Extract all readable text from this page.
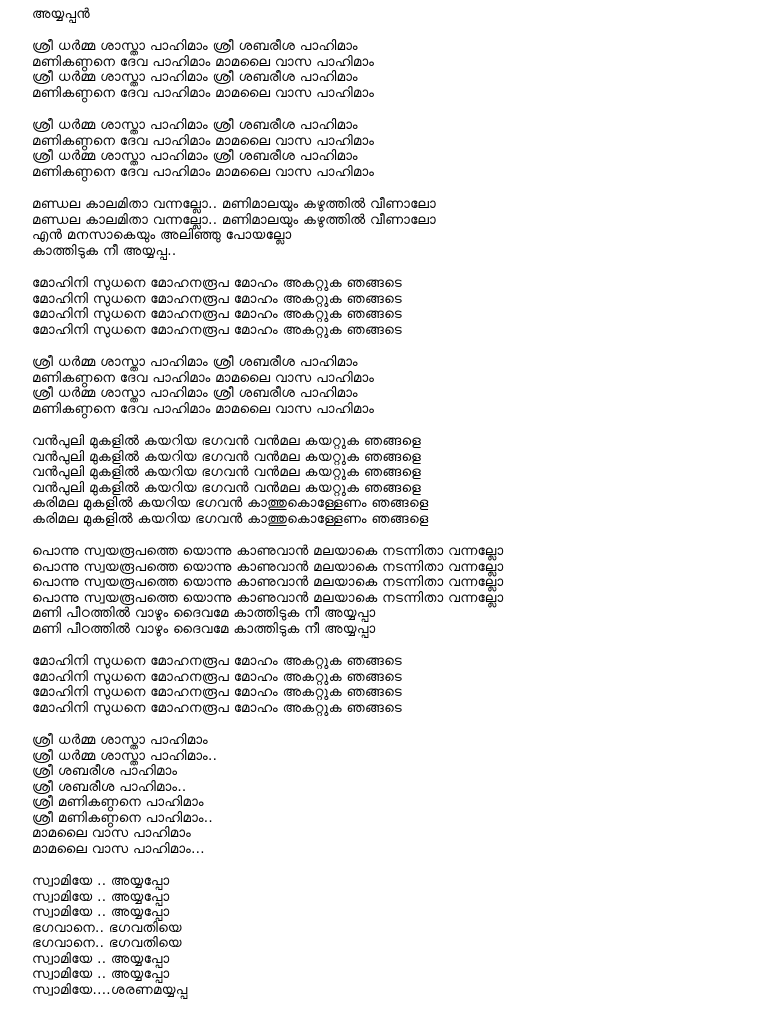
അയ്യപ്പൻ
ശ്രീ ധർമ്മ ശാസ്താ പാഹിമാം ശ്രീ ശബരീശ പാഹിമാം
മണികണ്ഠനെ ദേവ പാഹിമാം മാമലൈ വാസ പാഹിമാം
ശ്രീ ധർമ്മ ശാസ്താ പാഹിമാം ശ്രീ ശബരീശ പാഹിമാം
മണികണ്ഠനെ ദേവ പാഹിമാം മാമലൈ വാസ പാഹിമാം
ശ്രീ ധർമ്മ ശാസ്താ പാഹിമാം ശ്രീ ശബരീശ പാഹിമാം
മണികണ്ഠനെ ദേവ പാഹിമാം മാമലൈ വാസ പാഹിമാം
ശ്രീ ധർമ്മ ശാസ്താ പാഹിമാം ശ്രീ ശബരീശ പാഹിമാം
മണികണ്ഠനെ ദേവ പാഹിമാം മാമലൈ വാസ പാഹിമാം
മണ്ഡല കാലമിതാ വന്നല്ലോ.. മണിമാലയും കഴുത്തിൽ വീണാലോ
മണ്ഡല കാലമിതാ വന്നല്ലോ.. മണിമാലയും കഴുത്തിൽ വീണാലോ
എൻ മനസാകെയും അലിഞ്ഞു പോയല്ലോ
കാത്തിടുക നീ അയ്യപ്പ..
മോഹിനി സുധനെ മോഹനരൂപ മോഹം അകറ്റുക ഞങ്ങടെ
മോഹിനി സുധനെ മോഹനരൂപ മോഹം അകറ്റുക ഞങ്ങടെ
മോഹിനി സുധനെ മോഹനരൂപ മോഹം അകറ്റുക ഞങ്ങടെ
മോഹിനി സുധനെ മോഹനരൂപ മോഹം അകറ്റുക ഞങ്ങടെ
ശ്രീ ധർമ്മ ശാസ്താ പാഹിമാം ശ്രീ ശബരീശ പാഹിമാം
മണികണ്ഠനെ ദേവ പാഹിമാം മാമലൈ വാസ പാഹിമാം
ശ്രീ ധർമ്മ ശാസ്താ പാഹിമാം ശ്രീ ശബരീശ പാഹിമാം
മണികണ്ഠനെ ദേവ പാഹിമാം മാമലൈ വാസ പാഹിമാം
വൻപുലി മുകളിൽ കയറിയ ഭഗവൻ വൻമല കയറ്റുക ഞങ്ങളെ
വൻപുലി മുകളിൽ കയറിയ ഭഗവൻ വൻമല കയറ്റുക ഞങ്ങളെ
വൻപുലി മുകളിൽ കയറിയ ഭഗവൻ വൻമല കയറ്റുക ഞങ്ങളെ
വൻപുലി മുകളിൽ കയറിയ ഭഗവൻ വൻമല കയറ്റുക ഞങ്ങളെ
കരിമല മുകളിൽ കയറിയ ഭഗവൻ കാത്തുകൊള്ളേണം ഞങ്ങളെ
കരിമല മുകളിൽ കയറിയ ഭഗവൻ കാത്തുകൊള്ളേണം ഞങ്ങളെ
പൊന്നു സ്വയരൂപത്തെ യൊന്നു കാണുവാൻ മലയാകെ നടന്നിതാ വന്നല്ലോ
പൊന്നു സ്വയരൂപത്തെ യൊന്നു കാണുവാൻ മലയാകെ നടന്നിതാ വന്നല്ലോ
പൊന്നു സ്വയരൂപത്തെ യൊന്നു കാണുവാൻ മലയാകെ നടന്നിതാ വന്നല്ലോ
പൊന്നു സ്വയരൂപത്തെ യൊന്നു കാണുവാൻ മലയാകെ നടന്നിതാ വന്നല്ലോ
മണി പീഠത്തിൽ വാഴും ദൈവമേ കാത്തിടുക നീ അയ്യപ്പാ
മണി പീഠത്തിൽ വാഴും ദൈവമേ കാത്തിടുക നീ അയ്യപ്പാ
മോഹിനി സുധനെ മോഹനരൂപ മോഹം അകറ്റുക ഞങ്ങടെ
മോഹിനി സുധനെ മോഹനരൂപ മോഹം അകറ്റുക ഞങ്ങടെ
മോഹിനി സുധനെ മോഹനരൂപ മോഹം അകറ്റുക ഞങ്ങടെ
മോഹിനി സുധനെ മോഹനരൂപ മോഹം അകറ്റുക ഞങ്ങടെ
ശ്രീ ധർമ്മ ശാസ്താ പാഹിമാം
ശ്രീ ധർമ്മ ശാസ്താ പാഹിമാം..
ശ്രീ ശബരീശ പാഹിമാം
ശ്രീ ശബരീശ പാഹിമാം..
ശ്രീ മണികണ്ഠനെ പാഹിമാം
ശ്രീ മണികണ്ഠനെ പാഹിമാം..
മാമലൈ വാസ പാഹിമാം
മാമലൈ വാസ പാഹിമാം...
സ്വാമിയേ .. അയ്യപ്പോ
സ്വാമിയേ .. അയ്യപ്പോ
സ്വാമിയേ .. അയ്യപ്പോ
ഭഗവാനെ.. ഭഗവതിയെ
ഭഗവാനെ.. ഭഗവതിയെ
സ്വാമിയേ .. അയ്യപ്പോ
സ്വാമിയേ .. അയ്യപ്പോ
സ്വാമിയേ....ശരണമയ്യപ്പ
